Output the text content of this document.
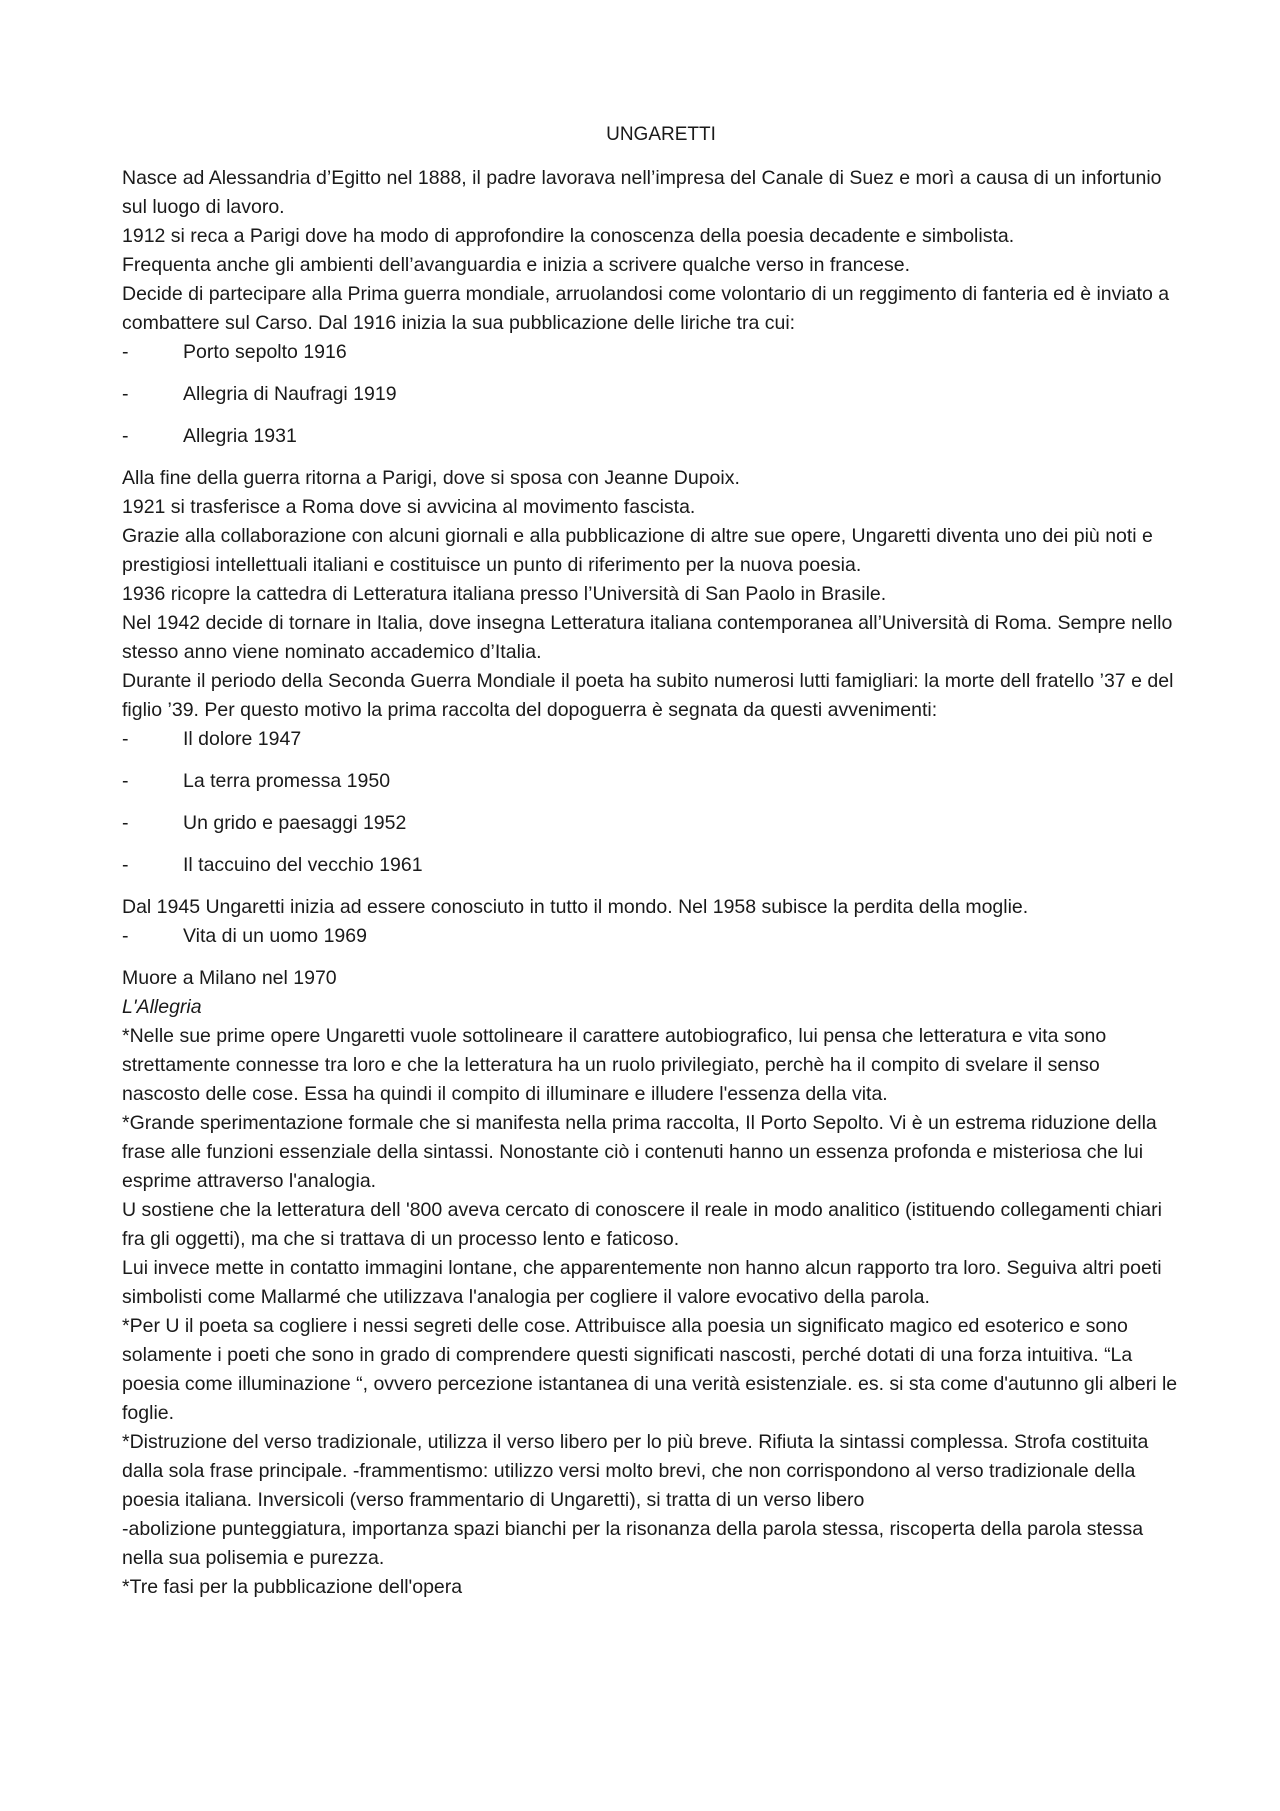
UNGARETTI

Nasce ad Alessandria d’Egitto nel 1888, il padre lavorava nell’impresa del Canale di Suez e morì a causa di un infortunio sul luogo di lavoro.

1912 si reca a Parigi dove ha modo di approfondire la conoscenza della poesia decadente e simbolista.

Frequenta anche gli ambienti dell’avanguardia e inizia a scrivere qualche verso in francese.

Decide di partecipare alla Prima guerra mondiale, arruolandosi come volontario di un reggimento di fanteria ed è inviato a combattere sul Carso. Dal 1916 inizia la sua pubblicazione delle liriche tra cui:

-	Porto sepolto 1916
-	Allegria di Naufragi 1919
-	Allegria 1931

Alla fine della guerra ritorna a Parigi, dove si sposa con Jeanne Dupoix.

1921 si trasferisce a Roma dove si avvicina al movimento fascista.

Grazie alla collaborazione con alcuni giornali e alla pubblicazione di altre sue opere, Ungaretti diventa uno dei più noti e prestigiosi intellettuali italiani e costituisce un punto di riferimento per la nuova poesia.

1936 ricopre la cattedra di Letteratura italiana presso l’Università di San Paolo in Brasile.

Nel 1942 decide di tornare in Italia, dove insegna Letteratura italiana contemporanea all’Università di Roma. Sempre nello stesso anno viene nominato accademico d’Italia.

Durante il periodo della Seconda Guerra Mondiale il poeta ha subito numerosi lutti famigliari: la morte dell fratello ’37 e del figlio ’39. Per questo motivo la prima raccolta del dopoguerra è segnata da questi avvenimenti:

-	Il dolore 1947
-	La terra promessa 1950
-	Un grido e paesaggi 1952
-	Il taccuino del vecchio 1961

Dal 1945 Ungaretti inizia ad essere conosciuto in tutto il mondo. Nel 1958 subisce la perdita della moglie.

-	Vita di un uomo 1969

Muore a Milano nel 1970

L'Allegria

*Nelle sue prime opere Ungaretti vuole sottolineare il carattere autobiografico, lui pensa che letteratura e vita sono strettamente connesse tra loro e che la letteratura ha un ruolo privilegiato, perchè ha il compito di svelare il senso nascosto delle cose. Essa ha quindi il compito di illuminare e illudere l'essenza della vita.

*Grande sperimentazione formale che si manifesta nella prima raccolta, Il Porto Sepolto. Vi è un estrema riduzione della frase alle funzioni essenziale della sintassi. Nonostante ciò i contenuti hanno un essenza profonda e misteriosa che lui esprime attraverso l'analogia.

U sostiene che la letteratura dell '800 aveva cercato di conoscere il reale in modo analitico (istituendo collegamenti chiari fra gli oggetti), ma che si trattava di un processo lento e faticoso.

Lui invece mette in contatto immagini lontane, che apparentemente non hanno alcun rapporto tra loro. Seguiva altri poeti simbolisti come Mallarmé che utilizzava l'analogia per cogliere il valore evocativo della parola.

*Per U il poeta sa cogliere i nessi segreti delle cose. Attribuisce alla poesia un significato magico ed esoterico e sono solamente i poeti che sono in grado di comprendere questi significati nascosti, perché dotati di una forza intuitiva. “La poesia come illuminazione “, ovvero percezione istantanea di una verità esistenziale. es. si sta come d'autunno gli alberi le foglie.

*Distruzione del verso tradizionale, utilizza il verso libero per lo più breve. Rifiuta la sintassi complessa. Strofa costituita dalla sola frase principale. -frammentismo: utilizzo versi molto brevi, che non corrispondono al verso tradizionale della poesia italiana. Inversicoli (verso frammentario di Ungaretti), si tratta di un verso libero

-abolizione punteggiatura, importanza spazi bianchi per la risonanza della parola stessa, riscoperta della parola stessa nella sua polisemia e purezza.

*Tre fasi per la pubblicazione dell'opera
